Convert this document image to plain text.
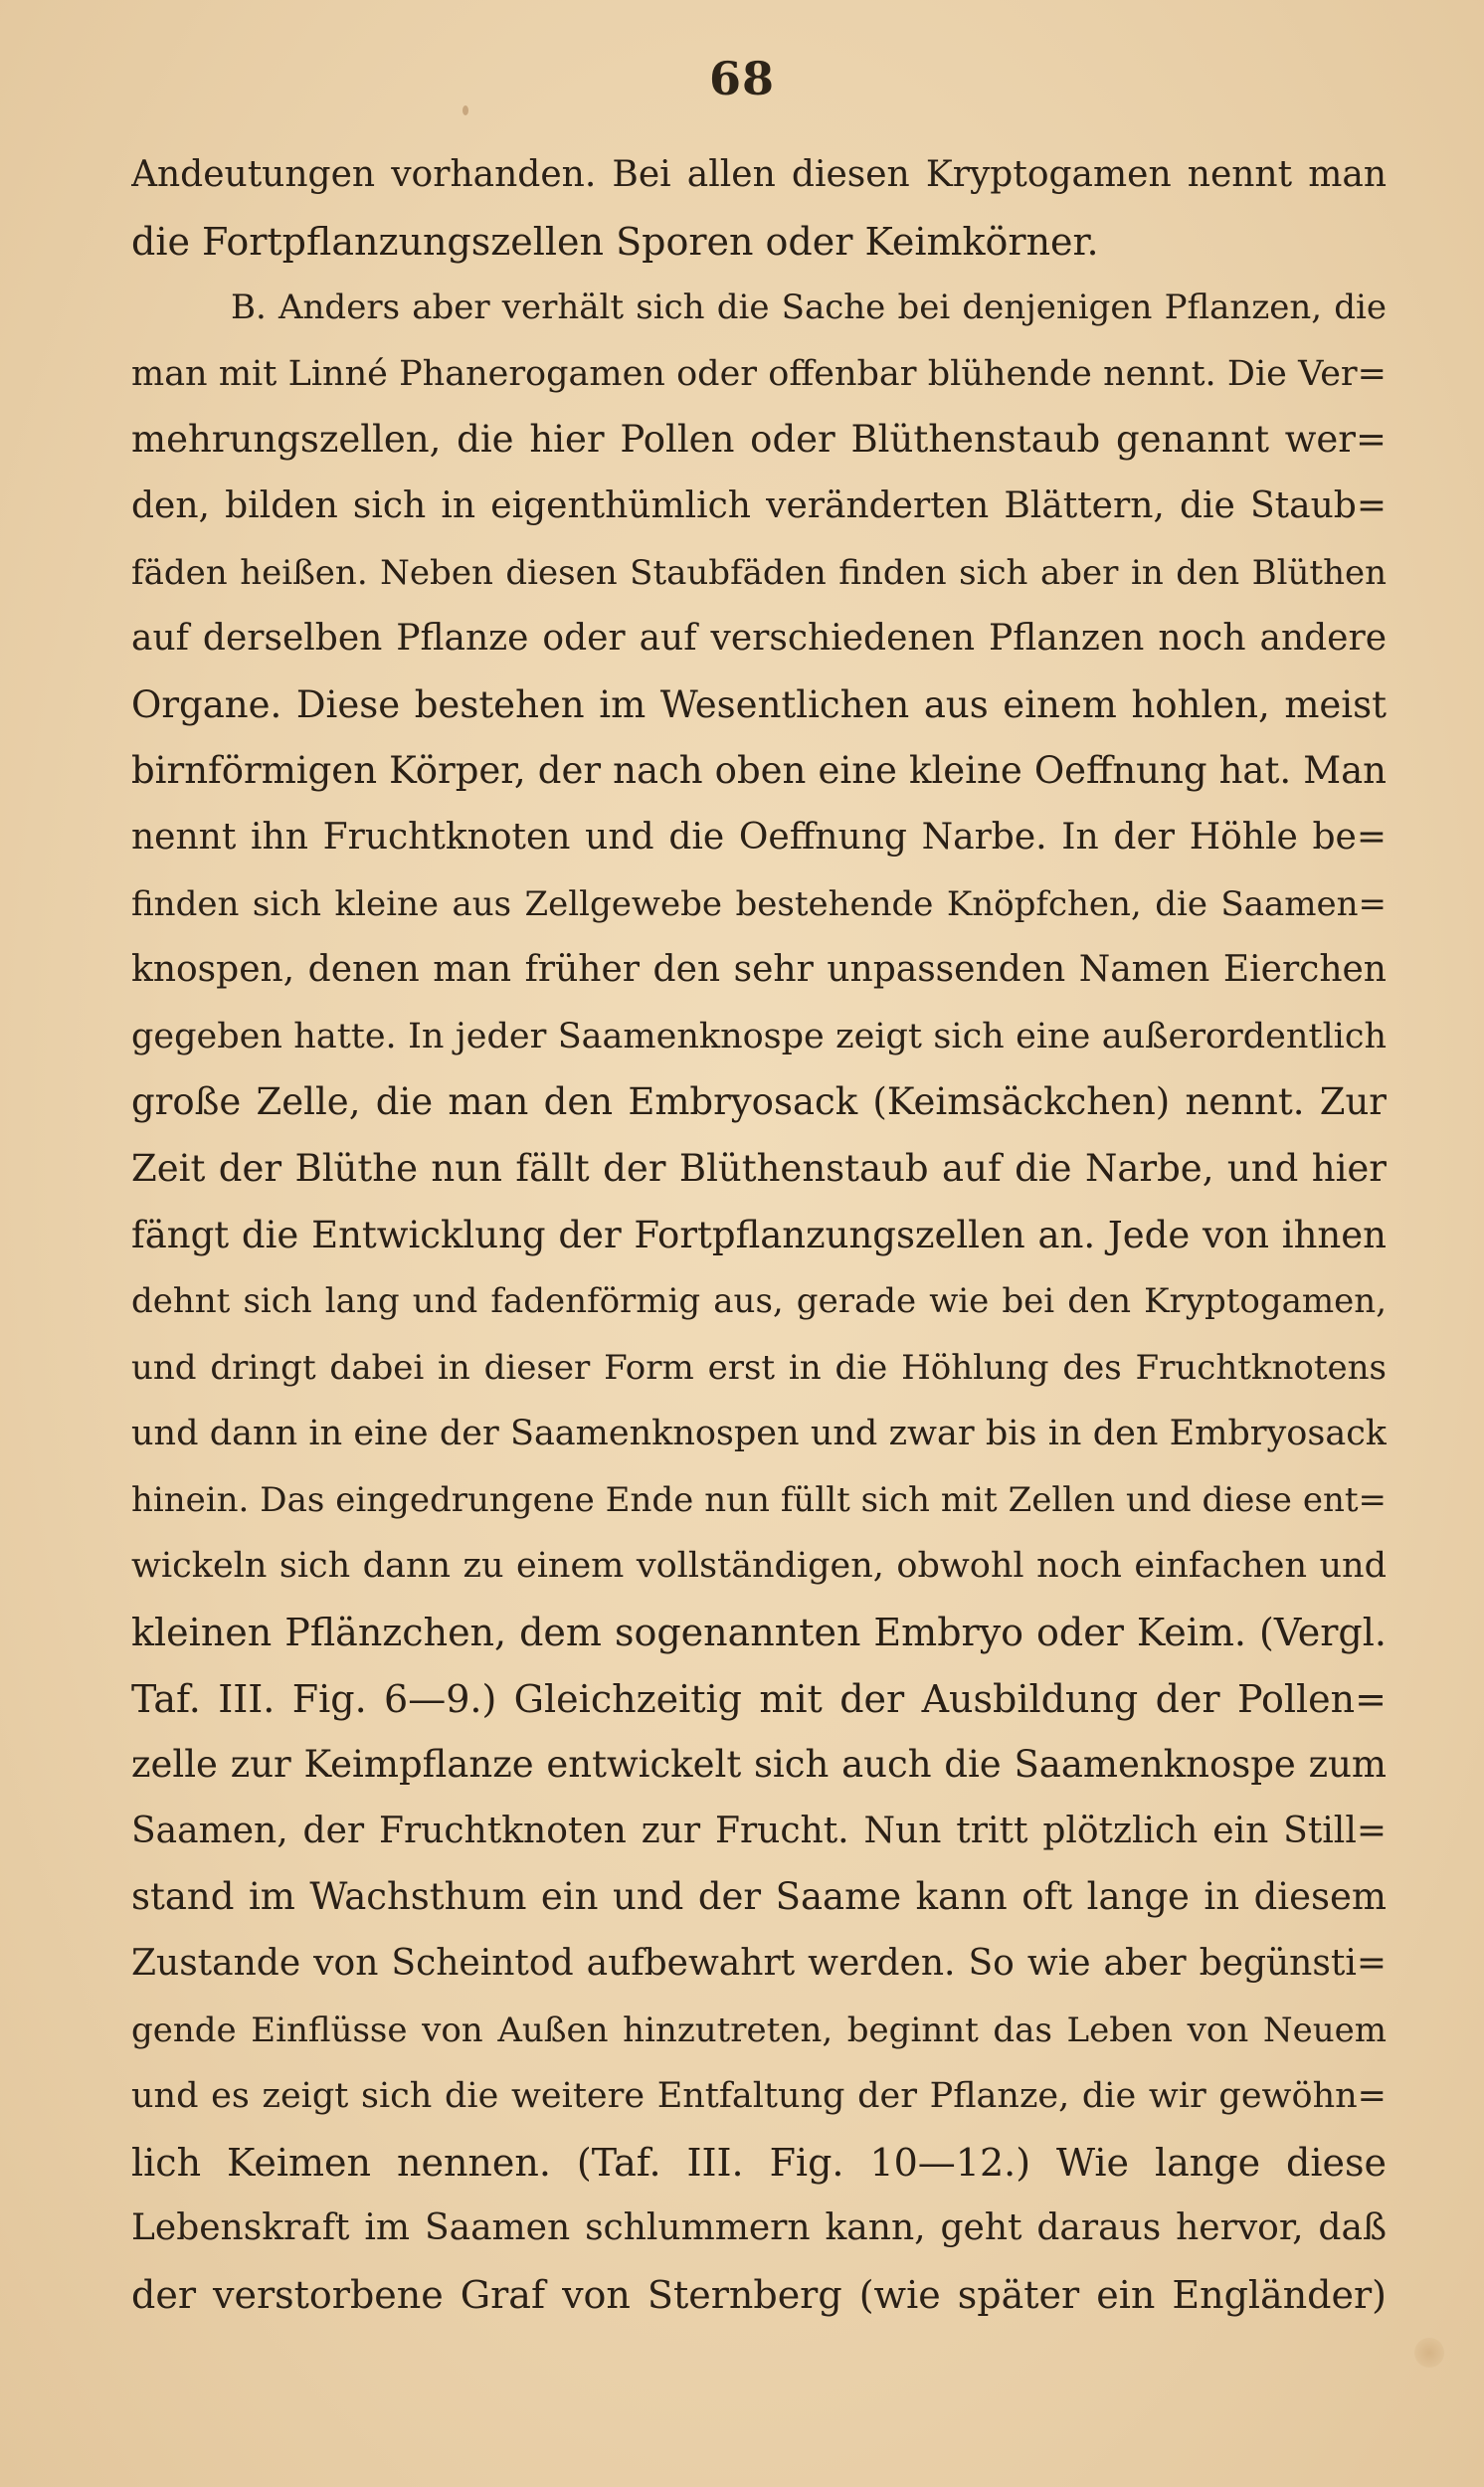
68
Andeutungen vorhanden. Bei allen diesen Kryptogamen nennt man
die Fortpflanzungszellen Sporen oder Keimkörner.
B. Anders aber verhält sich die Sache bei denjenigen Pflanzen, die
man mit Linné Phanerogamen oder offenbar blühende nennt. Die Ver=
mehrungszellen, die hier Pollen oder Blüthenstaub genannt wer=
den, bilden sich in eigenthümlich veränderten Blättern, die Staub=
fäden heißen. Neben diesen Staubfäden finden sich aber in den Blüthen
auf derselben Pflanze oder auf verschiedenen Pflanzen noch andere
Organe. Diese bestehen im Wesentlichen aus einem hohlen, meist
birnförmigen Körper, der nach oben eine kleine Oeffnung hat. Man
nennt ihn Fruchtknoten und die Oeffnung Narbe. In der Höhle be=
finden sich kleine aus Zellgewebe bestehende Knöpfchen, die Saamen=
knospen, denen man früher den sehr unpassenden Namen Eierchen
gegeben hatte. In jeder Saamenknospe zeigt sich eine außerordentlich
große Zelle, die man den Embryosack (Keimsäckchen) nennt. Zur
Zeit der Blüthe nun fällt der Blüthenstaub auf die Narbe, und hier
fängt die Entwicklung der Fortpflanzungszellen an. Jede von ihnen
dehnt sich lang und fadenförmig aus, gerade wie bei den Kryptogamen,
und dringt dabei in dieser Form erst in die Höhlung des Fruchtknotens
und dann in eine der Saamenknospen und zwar bis in den Embryosack
hinein. Das eingedrungene Ende nun füllt sich mit Zellen und diese ent=
wickeln sich dann zu einem vollständigen, obwohl noch einfachen und
kleinen Pflänzchen, dem sogenannten Embryo oder Keim. (Vergl.
Taf. III. Fig. 6—9.) Gleichzeitig mit der Ausbildung der Pollen=
zelle zur Keimpflanze entwickelt sich auch die Saamenknospe zum
Saamen, der Fruchtknoten zur Frucht. Nun tritt plötzlich ein Still=
stand im Wachsthum ein und der Saame kann oft lange in diesem
Zustande von Scheintod aufbewahrt werden. So wie aber begünsti=
gende Einflüsse von Außen hinzutreten, beginnt das Leben von Neuem
und es zeigt sich die weitere Entfaltung der Pflanze, die wir gewöhn=
lich Keimen nennen. (Taf. III. Fig. 10—12.) Wie lange diese
Lebenskraft im Saamen schlummern kann, geht daraus hervor, daß
der verstorbene Graf von Sternberg (wie später ein Engländer)
